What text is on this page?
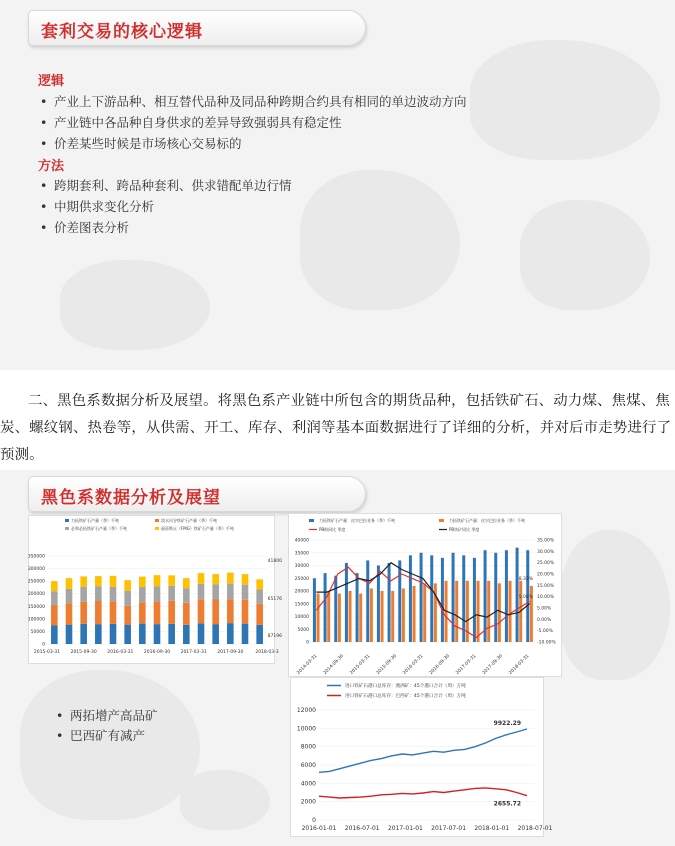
套利交易的核心逻辑
逻辑
• 产业上下游品种、相互替代品种及同品种跨期合约具有相同的单边波动方向
• 产业链中各品种自身供求的差异导致强弱具有稳定性
• 价差某些时候是市场核心交易标的
方法
• 跨期套利、跨品种套利、供求错配单边行情
• 中期供求变化分析
• 价差图表分析
二、黑色系数据分析及展望。将黑色系产业链中所包含的期货品种，包括铁矿石、动力煤、焦煤、焦炭、螺纹钢、热卷等，从供需、开工、库存、利润等基本面数据进行了详细的分析，并对后市走势进行了预测。
黑色系数据分析及展望
力拓铁矿石产量（季）千吨	淡水河谷铁矿石产量（季）千吨
必和必拓铁矿石产量（季）千吨	福蒂斯丘（FMG）铁矿石产量（季）千吨
0
50000
100000
150000
200000
250000
300000
350000
2015-03-31 2015-09-30 2016-03-31 2016-09-30 2017-03-31 2017-09-30	2018-03-3
41800
65176
87196
力拓铁矿石产量：皮尔巴拉业务（季）千吨	力拓铁矿石产量：皮尔巴拉业务（季）千吨
PB粉同比 季度	PB块矿同比 季度
0
5000
10000
15000
20000
25000
30000
35000
40000
-10.00%
-5.00%
0.00%
5.00%
10.00%
15.00%
20.00%
25.00%
30.00%
35.00%
2014-03-31 2014-09-30 2015-03-31 2015-09-30 2016-03-31 2016-09-30 2017-03-31 2017-09-30 2018-03-31
8.33%
5.04%
进口铁矿石港口总库存：澳洲矿：45个港口合计（周）万吨
进口铁矿石港口总库存：巴西矿：45个港口合计（周）万吨
0
2000
4000
6000
8000
10000
12000
2016-01-01 2016-07-01 2017-01-01 2017-07-01 2018-01-01 2018-07-01
9922.29
2655.72
• 两拓增产高品矿
• 巴西矿有减产
